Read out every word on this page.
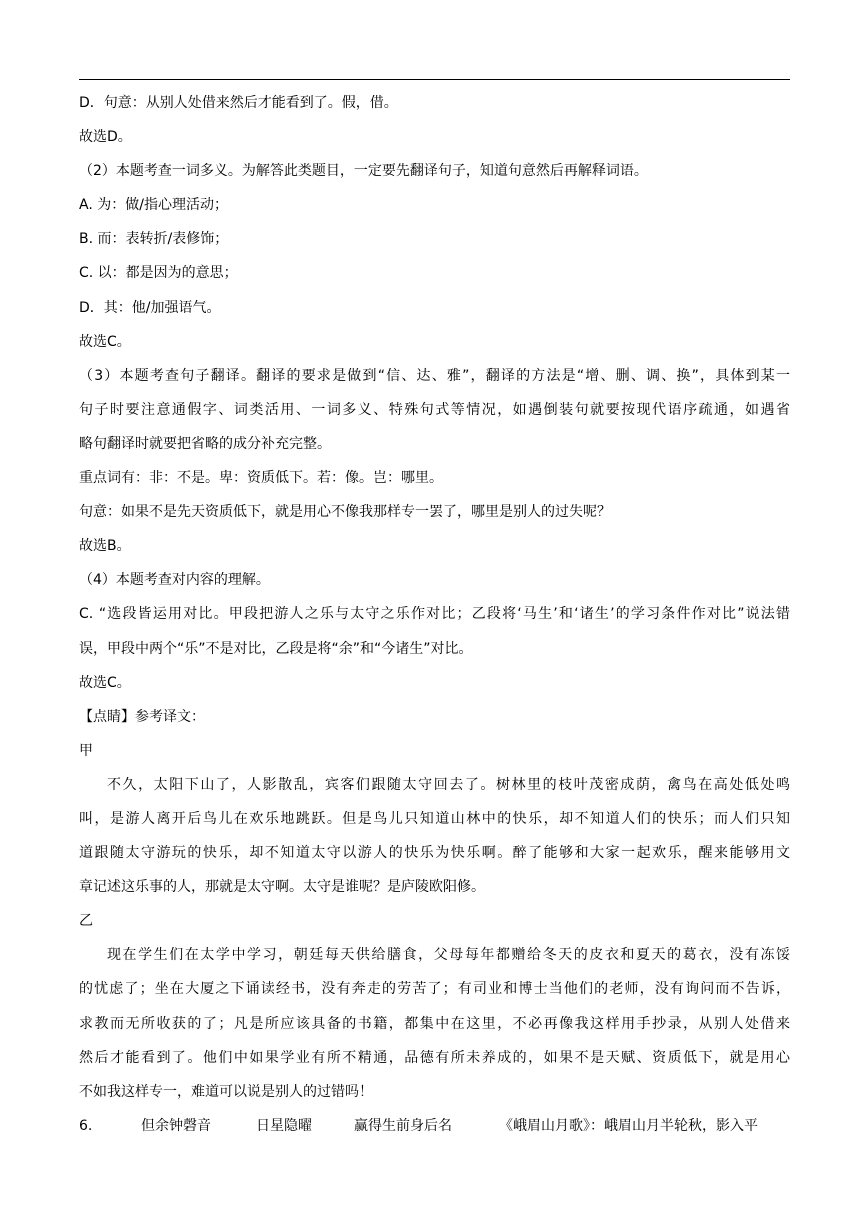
D．句意：从别人处借来然后才能看到了。假，借。
故选D。
（2）本题考查一词多义。为解答此类题目，一定要先翻译句子，知道句意然后再解释词语。
A. 为：做/指心理活动；
B. 而：表转折/表修饰；
C. 以：都是因为的意思；
D．其：他/加强语气。
故选C。
（3）本题考查句子翻译。翻译的要求是做到“信、达、雅”，翻译的方法是“增、删、调、换”，具体到某一
句子时要注意通假字、词类活用、一词多义、特殊句式等情况，如遇倒装句就要按现代语序疏通，如遇省
略句翻译时就要把省略的成分补充完整。
重点词有：非：不是。卑：资质低下。若：像。岂：哪里。
句意：如果不是先天资质低下，就是用心不像我那样专一罢了，哪里是别人的过失呢？
故选B。
（4）本题考查对内容的理解。
C. “选段皆运用对比。甲段把游人之乐与太守之乐作对比；乙段将‘马生’和‘诸生’的学习条件作对比”说法错
误，甲段中两个“乐”不是对比，乙段是将“余”和“今诸生”对比。
故选C。
【点睛】参考译文：
甲
不久，太阳下山了，人影散乱，宾客们跟随太守回去了。树林里的枝叶茂密成荫，禽鸟在高处低处鸣
叫，是游人离开后鸟儿在欢乐地跳跃。但是鸟儿只知道山林中的快乐，却不知道人们的快乐；而人们只知
道跟随太守游玩的快乐，却不知道太守以游人的快乐为快乐啊。醉了能够和大家一起欢乐，醒来能够用文
章记述这乐事的人，那就是太守啊。太守是谁呢？是庐陵欧阳修。
乙
现在学生们在太学中学习，朝廷每天供给膳食，父母每年都赠给冬天的皮衣和夏天的葛衣，没有冻馁
的忧虑了；坐在大厦之下诵读经书，没有奔走的劳苦了；有司业和博士当他们的老师，没有询问而不告诉，
求教而无所收获的了；凡是所应该具备的书籍，都集中在这里，不必再像我这样用手抄录，从别人处借来
然后才能看到了。他们中如果学业有所不精通，品德有所未养成的，如果不是天赋、资质低下，就是用心
不如我这样专一，难道可以说是别人的过错吗！
6.	但余钟磬音	日星隐曜	赢得生前身后名	《峨眉山月歌》：峨眉山月半轮秋，影入平
